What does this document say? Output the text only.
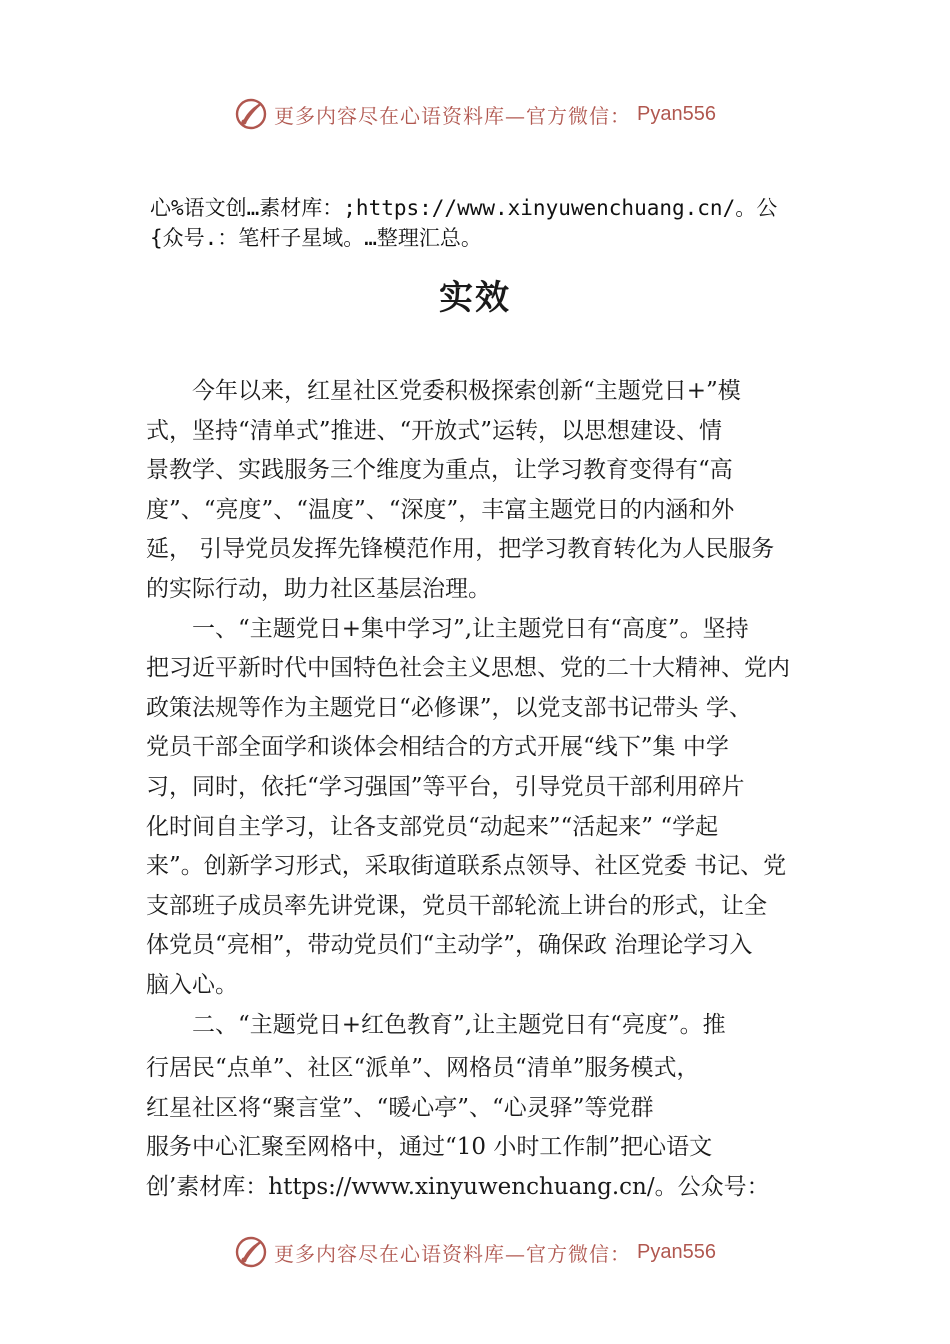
更多内容尽在心语资料库—官方微信： Pyan556
心%语文创…素材库：;https://www.xinyuwenchuang.cn/。公
{众号.：笔杆子星域。…整理汇总。
实效
　　今年以来，红星社区党委积极探索创新“主题党日+”模
式，坚持“清单式”推进、“开放式”运转，以思想建设、情
景教学、实践服务三个维度为重点，让学习教育变得有“高
度”、“亮度”、“温度”、“深度”，丰富主题党日的内涵和外
延， 引导党员发挥先锋模范作用，把学习教育转化为人民服务
的实际行动，助力社区基层治理。
　　一、“主题党日+集中学习”,让主题党日有“高度”。坚持
把习近平新时代中国特色社会主义思想、党的二十大精神、党内
政策法规等作为主题党日“必修课”，以党支部书记带头 学、
党员干部全面学和谈体会相结合的方式开展“线下”集 中学
习，同时，依托“学习强国”等平台，引导党员干部利用碎片
化时间自主学习，让各支部党员“动起来”“活起来” “学起
来”。创新学习形式，采取街道联系点领导、社区党委 书记、党
支部班子成员率先讲党课，党员干部轮流上讲台的形式，让全
体党员“亮相”，带动党员们“主动学”，确保政 治理论学习入
脑入心。
　　二、“主题党日+红色教育”,让主题党日有“亮度”。推
行居民“点单”、社区“派单”、网格员“清单”服务模式，
红星社区将“聚言堂”、“暖心亭”、“心灵驿”等党群
服务中心汇聚至网格中，通过“10 小时工作制”把心语文
创’素材库：https://www.xinyuwenchuang.cn/。公众号：
更多内容尽在心语资料库—官方微信： Pyan556
